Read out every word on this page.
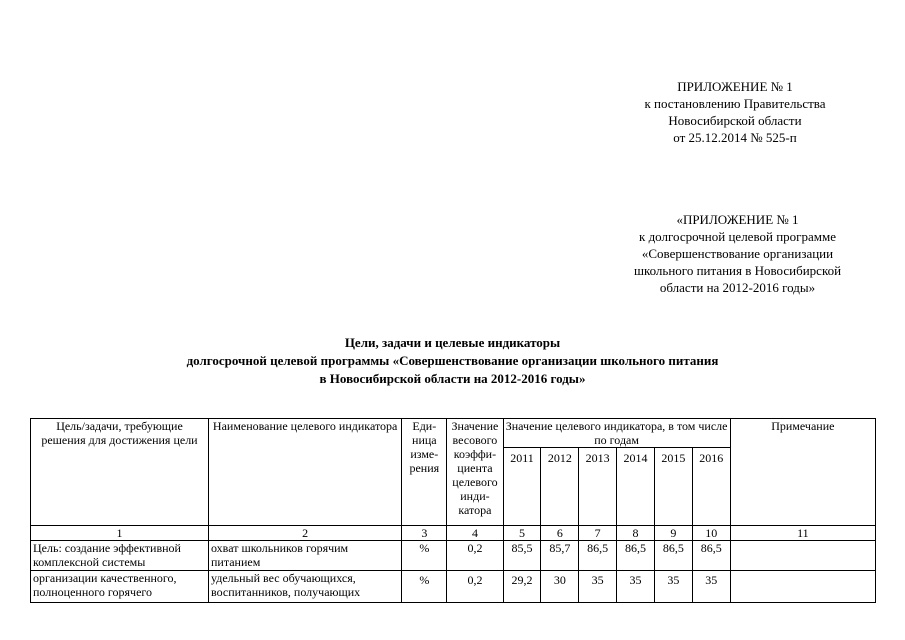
ПРИЛОЖЕНИЕ № 1
к постановлению Правительства
Новосибирской области
от 25.12.2014 № 525-п
«ПРИЛОЖЕНИЕ № 1
к долгосрочной целевой программе
«Совершенствование организации
школьного питания в Новосибирской
области на 2012-2016 годы»
Цели, задачи и целевые индикаторы
долгосрочной целевой программы «Совершенствование организации школьного питания
в Новосибирской области на 2012-2016 годы»
Цель/задачи, требующие решения для достижения цели	Наименование целевого индикатора	Еди- ница изме- рения	Значение весового коэффи- циента целевого инди- катора	Значение целевого индикатора, в том числе по годам						Примечание
				2011	2012	2013	2014	2015	2016	
1	2	3	4	5	6	7	8	9	10	11
Цель: создание эффективной комплексной системы	охват школьников горячим питанием	%	0,2	85,5	85,7	86,5	86,5	86,5	86,5	
организации качественного, полноценного горячего	удельный вес обучающихся, воспитанников, получающих	%	0,2	29,2	30	35	35	35	35	
